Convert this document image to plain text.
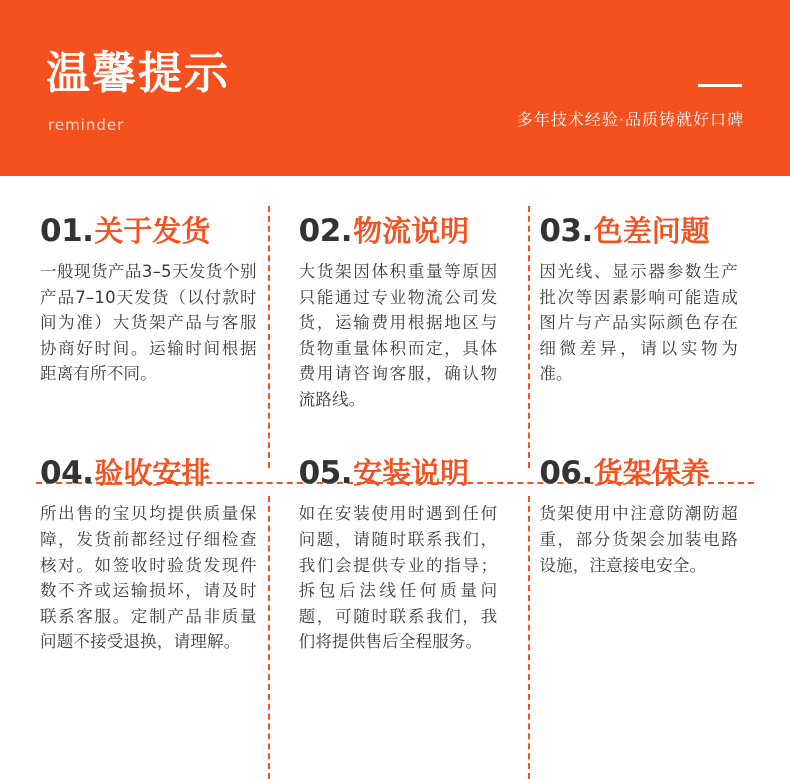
温馨提示
reminder	多年技术经验·品质铸就好口碑
01. 关于发货
一般现货产品3–5天发货个别产品7–10天发货（以付款时间为准）大货架产品与客服协商好时间。运输时间根据距离有所不同。
02. 物流说明
大货架因体积重量等原因只能通过专业物流公司发货，运输费用根据地区与货物重量体积而定，具体费用请咨询客服，确认物流路线。
03. 色差问题
因光线、显示器参数生产批次等因素影响可能造成图片与产品实际颜色存在细微差异，请以实物为准。
04. 验收安排
所出售的宝贝均提供质量保障，发货前都经过仔细检查核对。如签收时验货发现件数不齐或运输损坏，请及时联系客服。定制产品非质量问题不接受退换，请理解。
05. 安装说明
如在安装使用时遇到任何问题，请随时联系我们，我们会提供专业的指导；拆包后法线任何质量问题，可随时联系我们，我们将提供售后全程服务。
06. 货架保养
货架使用中注意防潮防超重，部分货架会加装电路设施，注意接电安全。
